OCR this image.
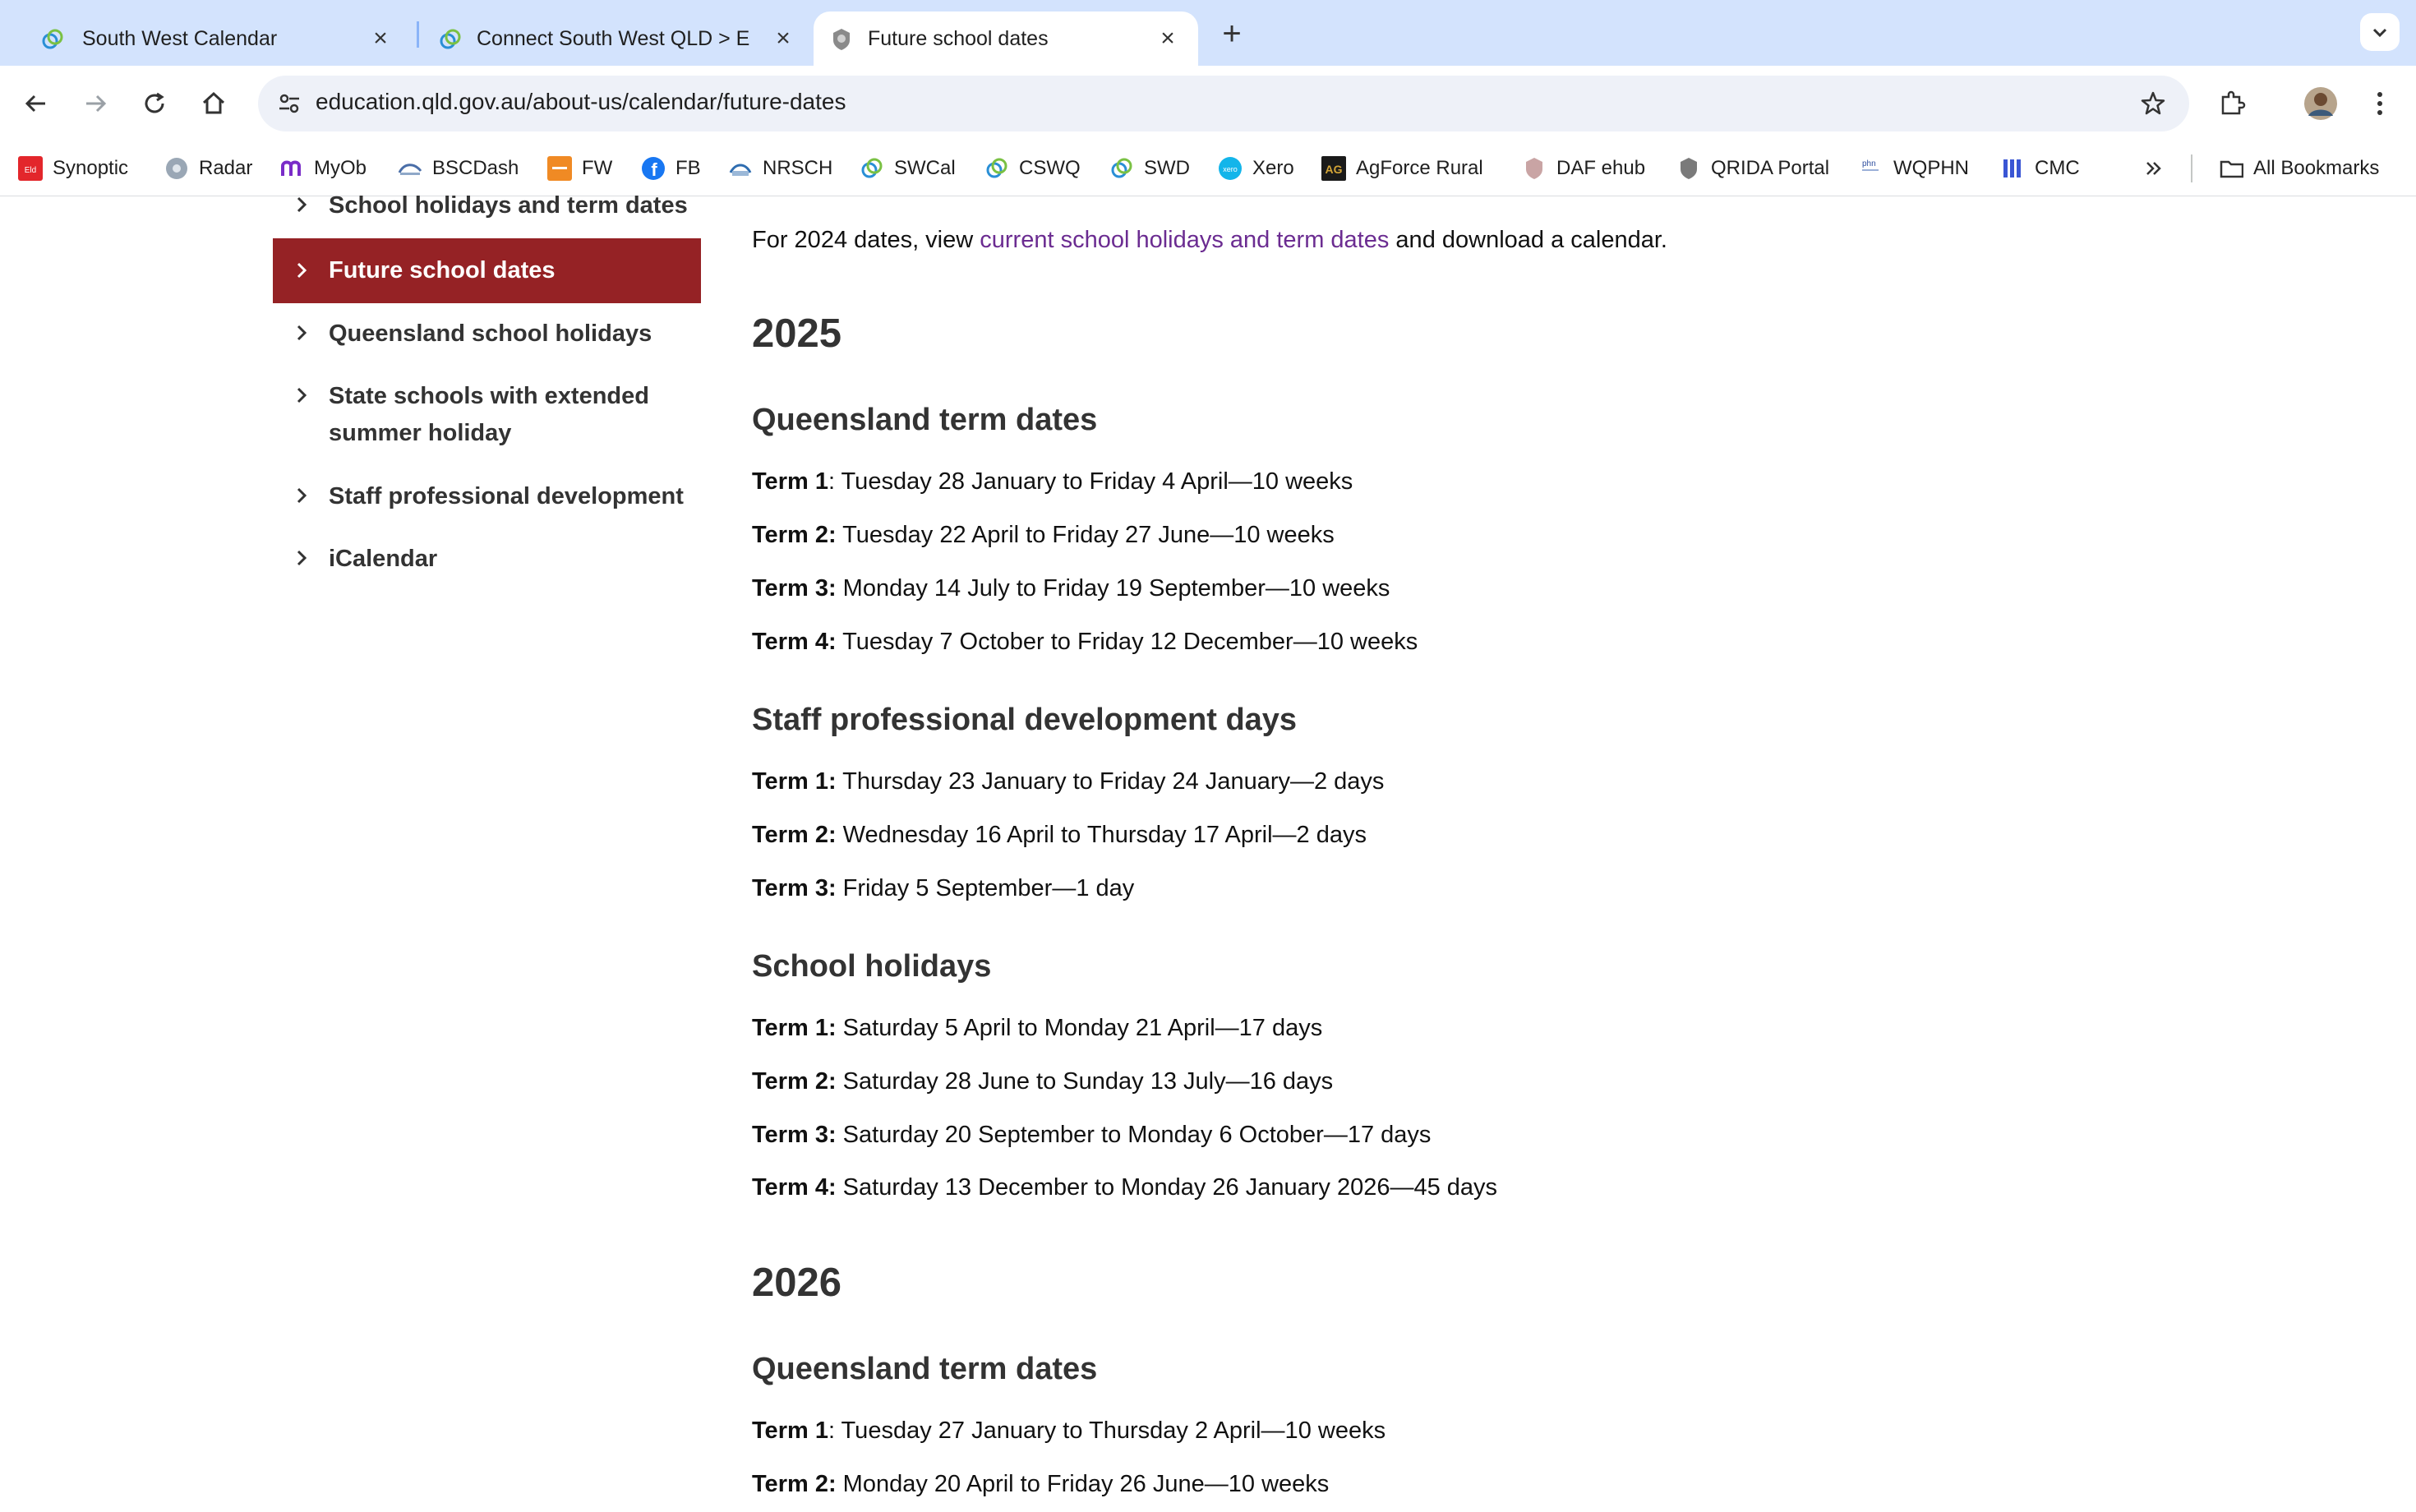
South West Calendar	×	Connect South West QLD > E ×	Future school dates	× +
education.qld.gov.au/about-us/calendar/future-dates
Eld Synoptic	Radar	MyOb	BSCDash	FW f FB	NRSCH	SWCal	CSWQ	SWD	xero Xero	AG AgForce Rural	DAF ehub	QRIDA Portal	phn WQPHN	CMC	All Bookmarks
School holidays and term dates
Future school dates
Queensland school holidays
State schools with extended summer holiday
Staff professional development
iCalendar
For 2024 dates, view current school holidays and term dates and download a calendar.
2025
Queensland term dates
Term 1: Tuesday 28 January to Friday 4 April—10 weeks
Term 2: Tuesday 22 April to Friday 27 June—10 weeks
Term 3: Monday 14 July to Friday 19 September—10 weeks
Term 4: Tuesday 7 October to Friday 12 December—10 weeks
Staff professional development days
Term 1: Thursday 23 January to Friday 24 January—2 days
Term 2: Wednesday 16 April to Thursday 17 April—2 days
Term 3: Friday 5 September—1 day
School holidays
Term 1: Saturday 5 April to Monday 21 April—17 days
Term 2: Saturday 28 June to Sunday 13 July—16 days
Term 3: Saturday 20 September to Monday 6 October—17 days
Term 4: Saturday 13 December to Monday 26 January 2026—45 days
2026
Queensland term dates
Term 1: Tuesday 27 January to Thursday 2 April—10 weeks
Term 2: Monday 20 April to Friday 26 June—10 weeks
